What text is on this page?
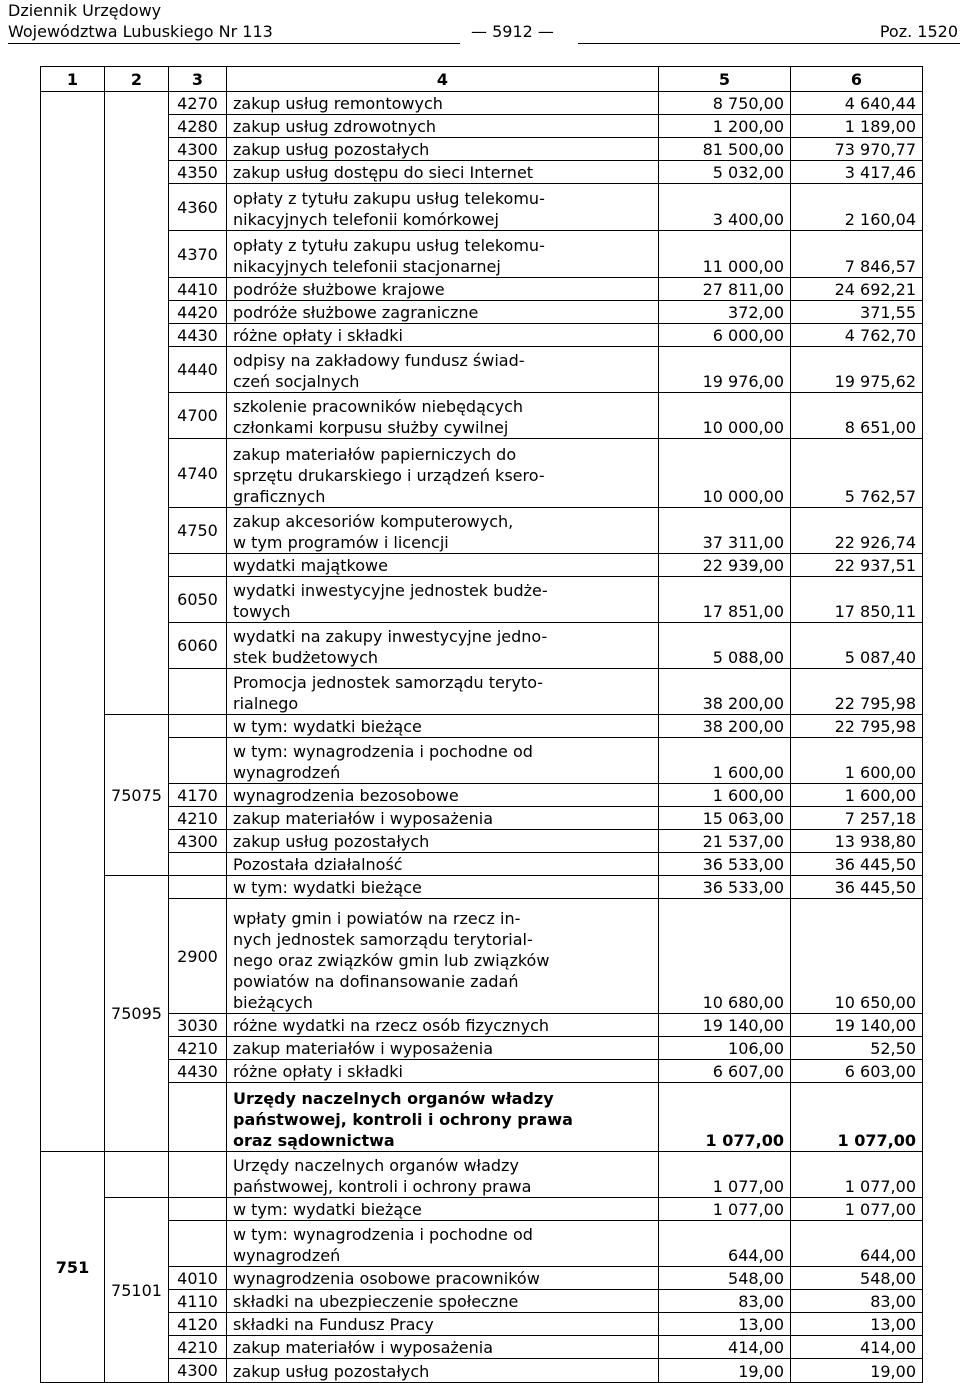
Dziennik Urzędowy
Województwa Lubuskiego Nr 113	— 5912 —	Poz. 1520
1	2	3	4	5	6
		4270	zakup usług remontowych	8 750,00	4 640,44
		4280	zakup usług zdrowotnych	1 200,00	1 189,00
		4300	zakup usług pozostałych	81 500,00	73 970,77
		4350	zakup usług dostępu do sieci Internet	5 032,00	3 417,46
		4360	opłaty z tytułu zakupu usług telekomu-
nikacyjnych telefonii komórkowej	3 400,00	2 160,04
		4370	opłaty z tytułu zakupu usług telekomu-
nikacyjnych telefonii stacjonarnej	11 000,00	7 846,57
		4410	podróże służbowe krajowe	27 811,00	24 692,21
		4420	podróże służbowe zagraniczne	372,00	371,55
		4430	różne opłaty i składki	6 000,00	4 762,70
		4440	odpisy na zakładowy fundusz świad-
czeń socjalnych	19 976,00	19 975,62
		4700	szkolenie pracowników niebędących
członkami korpusu służby cywilnej	10 000,00	8 651,00
		4740	zakup materiałów papierniczych do
sprzętu drukarskiego i urządzeń ksero-
graficznych	10 000,00	5 762,57
		4750	zakup akcesoriów komputerowych,
w tym programów i licencji	37 311,00	22 926,74
			wydatki majątkowe	22 939,00	22 937,51
		6050	wydatki inwestycyjne jednostek budże-
towych	17 851,00	17 850,11
		6060	wydatki na zakupy inwestycyjne jedno-
stek budżetowych	5 088,00	5 087,40

			Promocja jednostek samorządu teryto-
rialnego	38 200,00	22 795,98
	75075		w tym: wydatki bieżące	38 200,00	22 795,98

			w tym: wynagrodzenia i pochodne od
wynagrodzeń	1 600,00	1 600,00
		4170	wynagrodzenia bezosobowe	1 600,00	1 600,00
		4210	zakup materiałów i wyposażenia	15 063,00	7 257,18
		4300	zakup usług pozostałych	21 537,00	13 938,80
			Pozostała działalność	36 533,00	36 445,50
	75095		w tym: wydatki bieżące	36 533,00	36 445,50
		2900	wpłaty gmin i powiatów na rzecz in-
nych jednostek samorządu terytorial-
nego oraz związków gmin lub związków
powiatów na dofinansowanie zadań
bieżących	10 680,00	10 650,00
		3030	różne wydatki na rzecz osób fizycznych	19 140,00	19 140,00
		4210	zakup materiałów i wyposażenia	106,00	52,50
		4430	różne opłaty i składki	6 607,00	6 603,00

			Urzędy naczelnych organów władzy
państwowej, kontroli i ochrony prawa
oraz sądownictwa	1 077,00	1 077,00
751			Urzędy naczelnych organów władzy
państwowej, kontroli i ochrony prawa	1 077,00	1 077,00
	75101		w tym: wydatki bieżące	1 077,00	1 077,00

			w tym: wynagrodzenia i pochodne od
wynagrodzeń	644,00	644,00
		4010	wynagrodzenia osobowe pracowników	548,00	548,00
		4110	składki na ubezpieczenie społeczne	83,00	83,00
		4120	składki na Fundusz Pracy	13,00	13,00
		4210	zakup materiałów i wyposażenia	414,00	414,00
		4300	zakup usług pozostałych	19,00	19,00
